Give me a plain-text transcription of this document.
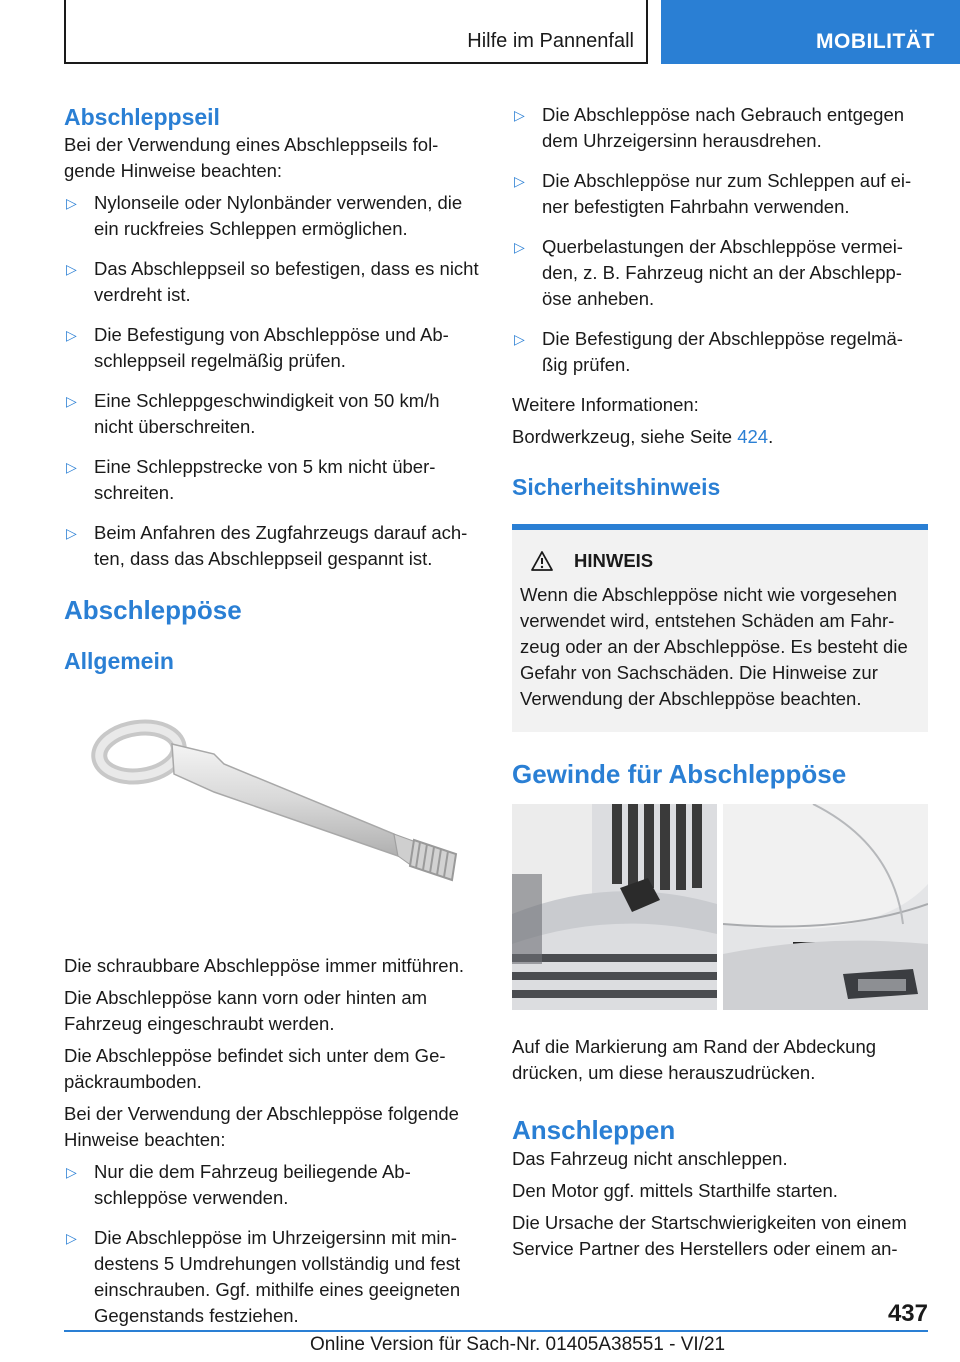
Hilfe im Pannenfall	MOBILITÄT
Abschleppseil

Bei der Verwendung eines Abschleppseils fol-gende Hinweise beachten:

▷ Nylonseile oder Nylonbänder verwenden, die ein ruckfreies Schleppen ermöglichen.
▷ Das Abschleppseil so befestigen, dass es nicht verdreht ist.
▷ Die Befestigung von Abschleppöse und Ab-schleppseil regelmäßig prüfen.
▷ Eine Schleppgeschwindigkeit von 50 km/h nicht überschreiten.
▷ Eine Schleppstrecke von 5 km nicht über-schreiten.
▷ Beim Anfahren des Zugfahrzeugs darauf ach-ten, dass das Abschleppseil gespannt ist.
Abschleppöse
Allgemein

Die schraubbare Abschleppöse immer mitführen.

Die Abschleppöse kann vorn oder hinten am Fahrzeug eingeschraubt werden.

Die Abschleppöse befindet sich unter dem Ge-päckraumboden.

Bei der Verwendung der Abschleppöse folgende Hinweise beachten:

▷ Nur die dem Fahrzeug beiliegende Ab-schleppöse verwenden.
▷ Die Abschleppöse im Uhrzeigersinn mit min-destens 5 Umdrehungen vollständig und fest einschrauben. Ggf. mithilfe eines geeigneten Gegenstands festziehen.
▷ Die Abschleppöse nach Gebrauch entgegen dem Uhrzeigersinn herausdrehen.
▷ Die Abschleppöse nur zum Schleppen auf ei-ner befestigten Fahrbahn verwenden.
▷ Querbelastungen der Abschleppöse vermei-den, z. B. Fahrzeug nicht an der Abschlepp-öse anheben.
▷ Die Befestigung der Abschleppöse regelmä-ßig prüfen.

Weitere Informationen:

Bordwerkzeug, siehe Seite 424.

Sicherheitshinweis
HINWEIS
Wenn die Abschleppöse nicht wie vorgesehen verwendet wird, entstehen Schäden am Fahr-zeug oder an der Abschleppöse. Es besteht die Gefahr von Sachschäden. Die Hinweise zur Verwendung der Abschleppöse beachten.
Gewinde für Abschleppöse

Auf die Markierung am Rand der Abdeckung drücken, um diese herauszudrücken.

Anschleppen

Das Fahrzeug nicht anschleppen.

Den Motor ggf. mittels Starthilfe starten.

Die Ursache der Startschwierigkeiten von einem Service Partner des Herstellers oder einem an-

437
Online Version für Sach-Nr. 01405A38551 - VI/21
